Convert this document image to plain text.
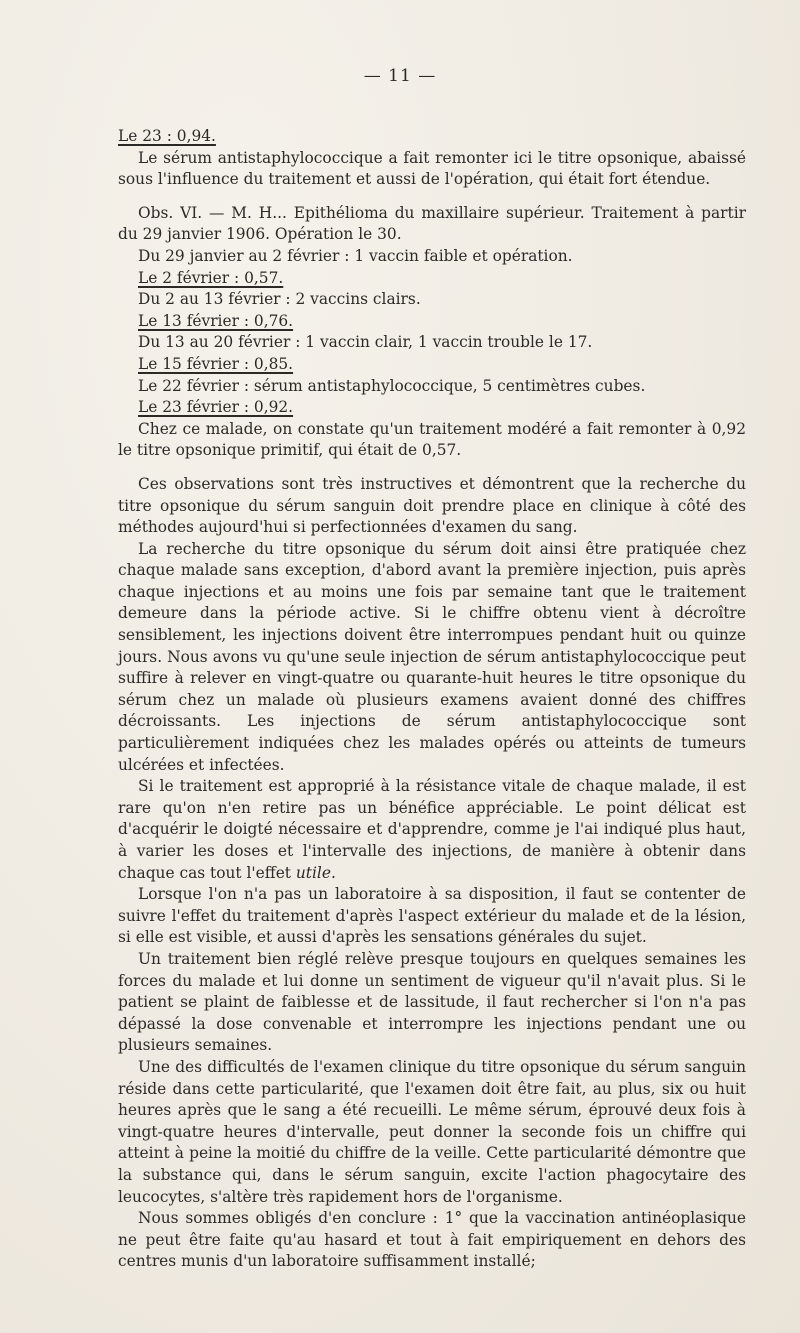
— 11 —

Le 23 : 0,94.

Le sérum antistaphylococcique a fait remonter ici le titre opsonique, abaissé sous l'influence du traitement et aussi de l'opération, qui était fort étendue.

Obs. VI. — M. H... Epithélioma du maxillaire supérieur. Traitement à partir du 29 janvier 1906. Opération le 30.

Du 29 janvier au 2 février : 1 vaccin faible et opération.

Le 2 février : 0,57.

Du 2 au 13 février : 2 vaccins clairs.

Le 13 février : 0,76.

Du 13 au 20 février : 1 vaccin clair, 1 vaccin trouble le 17.

Le 15 février : 0,85.

Le 22 février : sérum antistaphylococcique, 5 centimètres cubes.

Le 23 février : 0,92.

Chez ce malade, on constate qu'un traitement modéré a fait remonter à 0,92 le titre opsonique primitif, qui était de 0,57.

Ces observations sont très instructives et démontrent que la recherche du titre opsonique du sérum sanguin doit prendre place en clinique à côté des méthodes aujourd'hui si perfectionnées d'examen du sang.

La recherche du titre opsonique du sérum doit ainsi être pratiquée chez chaque malade sans exception, d'abord avant la première injection, puis après chaque injections et au moins une fois par semaine tant que le traitement demeure dans la période active. Si le chiffre obtenu vient à décroître sensiblement, les injections doivent être interrompues pendant huit ou quinze jours. Nous avons vu qu'une seule injection de sérum antistaphylococcique peut suffire à relever en vingt-quatre ou quarante-huit heures le titre opsonique du sérum chez un malade où plusieurs examens avaient donné des chiffres décroissants. Les injections de sérum antistaphylococcique sont particulièrement indiquées chez les malades opérés ou atteints de tumeurs ulcérées et infectées.

Si le traitement est approprié à la résistance vitale de chaque malade, il est rare qu'on n'en retire pas un bénéfice appréciable. Le point délicat est d'acquérir le doigté nécessaire et d'apprendre, comme je l'ai indiqué plus haut, à varier les doses et l'intervalle des injections, de manière à obtenir dans chaque cas tout l'effet utile.

Lorsque l'on n'a pas un laboratoire à sa disposition, il faut se contenter de suivre l'effet du traitement d'après l'aspect extérieur du malade et de la lésion, si elle est visible, et aussi d'après les sensations générales du sujet.

Un traitement bien réglé relève presque toujours en quelques semaines les forces du malade et lui donne un sentiment de vigueur qu'il n'avait plus. Si le patient se plaint de faiblesse et de lassitude, il faut rechercher si l'on n'a pas dépassé la dose convenable et interrompre les injections pendant une ou plusieurs semaines.

Une des difficultés de l'examen clinique du titre opsonique du sérum sanguin réside dans cette particularité, que l'examen doit être fait, au plus, six ou huit heures après que le sang a été recueilli. Le même sérum, éprouvé deux fois à vingt-quatre heures d'intervalle, peut donner la seconde fois un chiffre qui atteint à peine la moitié du chiffre de la veille. Cette particularité démontre que la substance qui, dans le sérum sanguin, excite l'action phagocytaire des leucocytes, s'altère très rapidement hors de l'organisme.

Nous sommes obligés d'en conclure : 1° que la vaccination antinéoplasique ne peut être faite qu'au hasard et tout à fait empiriquement en dehors des centres munis d'un laboratoire suffisamment installé;
